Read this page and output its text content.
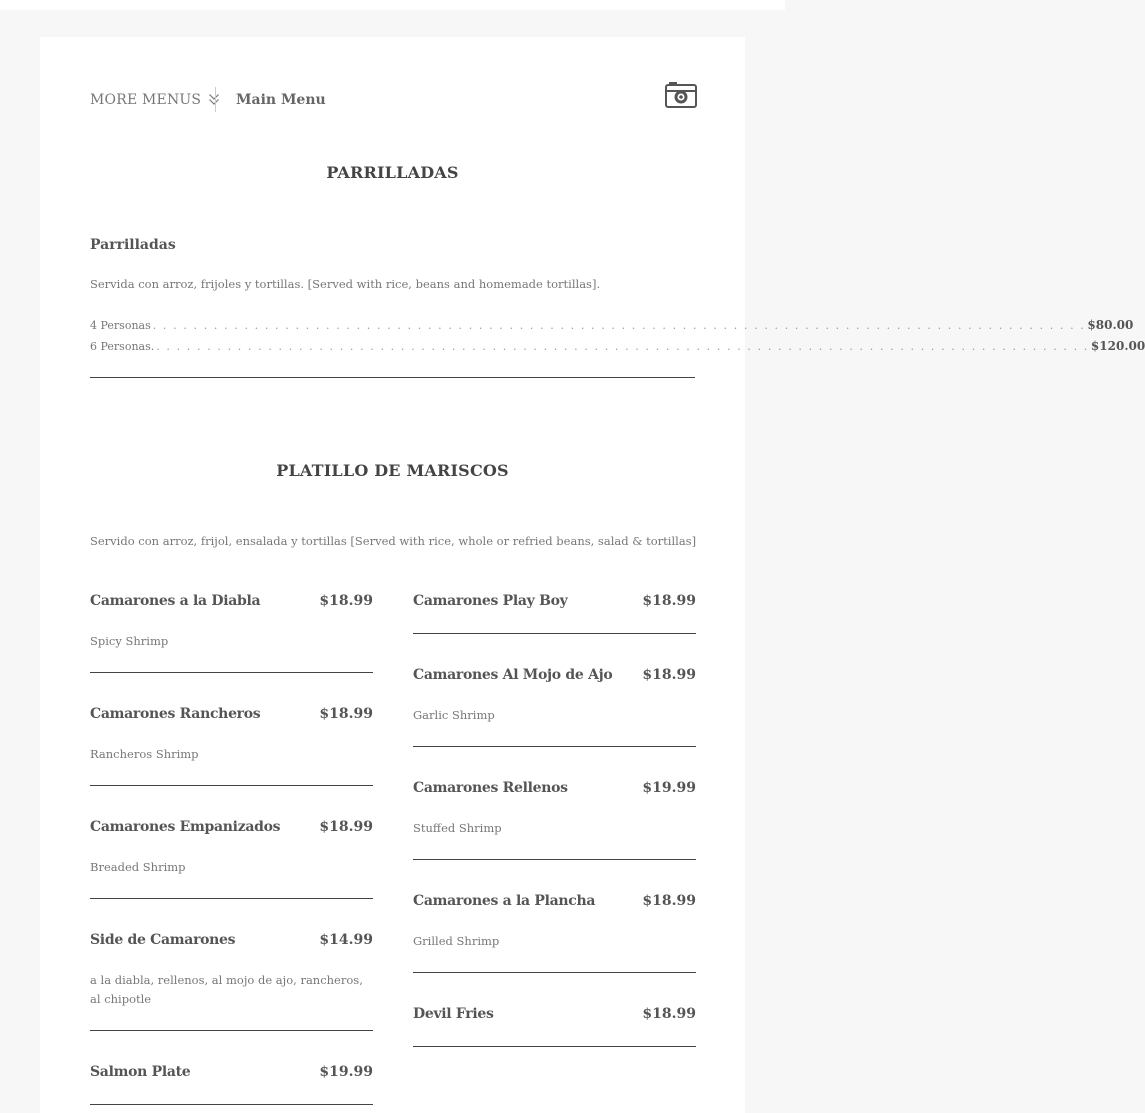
MORE MENUS Main Menu
PARRILLADAS
Parrilladas
Servida con arroz, frijoles y tortillas. [Served with rice, beans and homemade tortillas].
4 Personas . . . . . . . . . . . . . . . . . . . . . . . . . . . . . . . . . . . . . . . . . . . . . . . . . . . . . . . . . . . . . . . . . . . . . . . . . . . . . . . . . . . . . . . . . . . . $80.00
6 Personas. . . . . . . . . . . . . . . . . . . . . . . . . . . . . . . . . . . . . . . . . . . . . . . . . . . . . . . . . . . . . . . . . . . . . . . . . . . . . . . . . . . . . . . . . . . . . $120.00
PLATILLO DE MARISCOS
Servido con arroz, frijol, ensalada y tortillas [Served with rice, whole or refried beans, salad & tortillas]
Camarones a la Diabla	$18.99
Spicy Shrimp
Camarones Rancheros	$18.99
Rancheros Shrimp
Camarones Empanizados	$18.99
Breaded Shrimp
Side de Camarones	$14.99
a la diabla, rellenos, al mojo de ajo, rancheros, al chipotle
Salmon Plate	$19.99
Camarones Play Boy	$18.99
Camarones Al Mojo de Ajo $18.99
Garlic Shrimp
Camarones Rellenos	$19.99
Stuffed Shrimp
Camarones a la Plancha	$18.99
Grilled Shrimp
Devil Fries	$18.99
